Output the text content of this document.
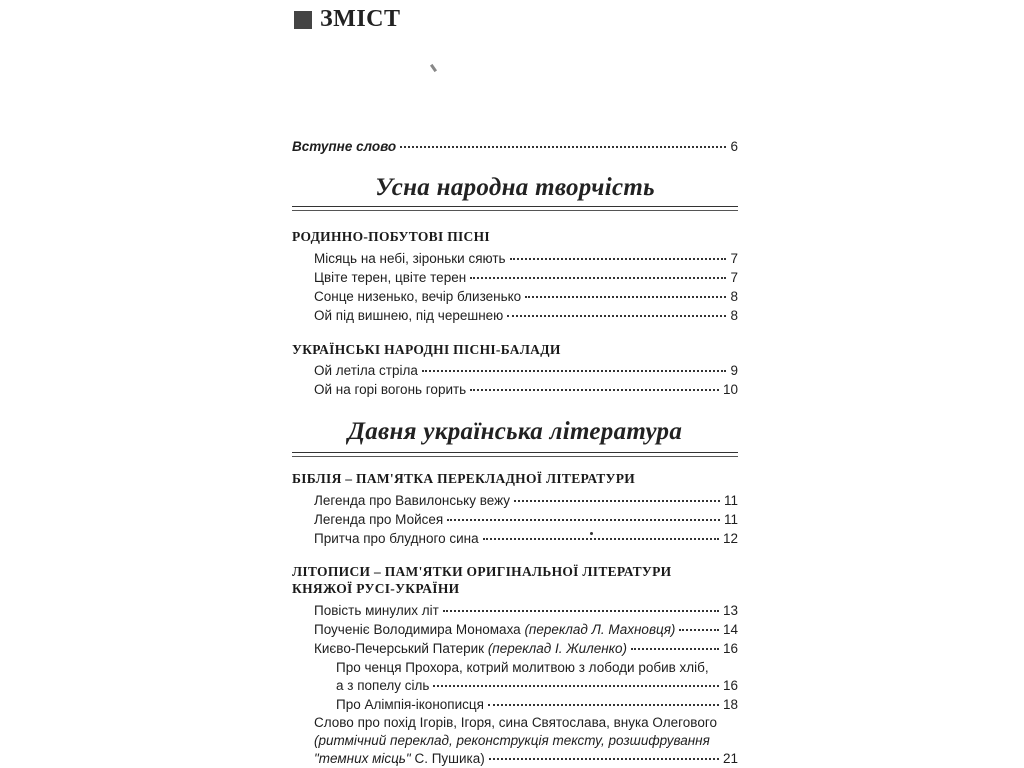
ЗМІСТ
Вступне слово	6
Усна народна творчість
РОДИННО-ПОБУТОВІ ПІСНІ
Місяць на небі, зіроньки сяють	7
Цвіте терен, цвіте терен	7
Сонце низенько, вечір близенько	8
Ой під вишнею, під черешнею	8
УКРАЇНСЬКІ НАРОДНІ ПІСНІ-БАЛАДИ
Ой летіла стріла	9
Ой на горі вогонь горить	10
Давня українська література
БІБЛІЯ – ПАМ'ЯТКА ПЕРЕКЛАДНОЇ ЛІТЕРАТУРИ
Легенда про Вавилонську вежу	11
Легенда про Мойсея	11
Притча про блудного сина	12
ЛІТОПИСИ – ПАМ'ЯТКИ ОРИГІНАЛЬНОЇ ЛІТЕРАТУРИ
КНЯЖОЇ РУСІ-УКРАЇНИ
Повість минулих літ	13
Поученіє Володимира Мономаха (переклад Л. Махновця)	14
Києво-Печерський Патерик (переклад І. Жиленко)	16
Про ченця Прохора, котрий молитвою з лободи робив хліб,
а з попелу сіль	16
Про Алімпія-іконописця	18
Слово про похід Ігорів, Ігоря, сина Святослава, внука Олегового
(ритмічний переклад, реконструкція тексту, розшифрування
"темних місць" С. Пушика)	21
